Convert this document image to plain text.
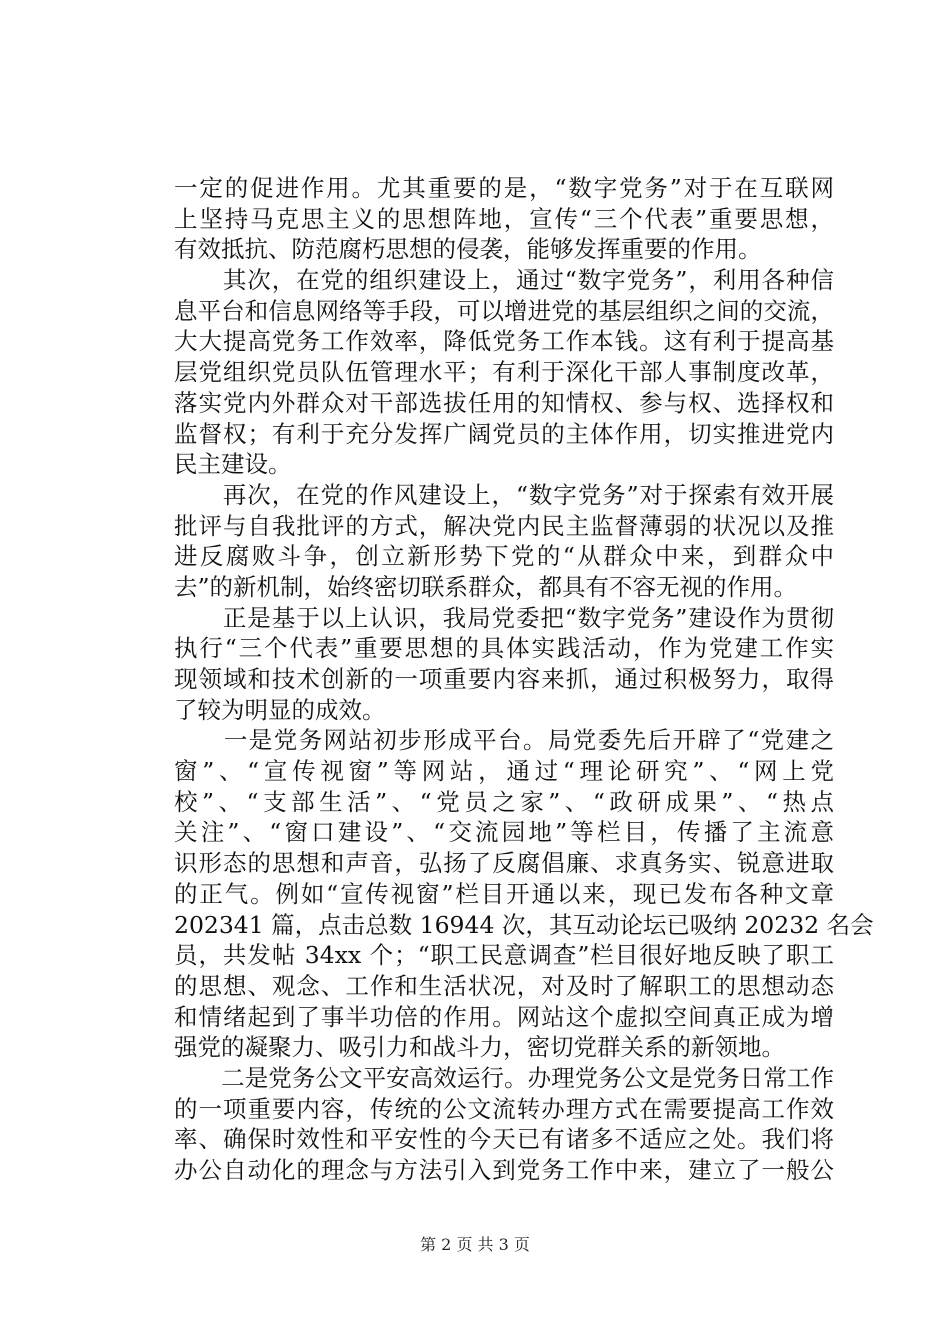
一定的促进作用。尤其重要的是，“数字党务”对于在互联网
上坚持马克思主义的思想阵地，宣传“三个代表”重要思想，
有效抵抗、防范腐朽思想的侵袭，能够发挥重要的作用。
　　其次，在党的组织建设上，通过“数字党务”，利用各种信
息平台和信息网络等手段，可以增进党的基层组织之间的交流，
大大提高党务工作效率，降低党务工作本钱。这有利于提高基
层党组织党员队伍管理水平；有利于深化干部人事制度改革，
落实党内外群众对干部选拔任用的知情权、参与权、选择权和
监督权；有利于充分发挥广阔党员的主体作用，切实推进党内
民主建设。
　　再次，在党的作风建设上，“数字党务”对于探索有效开展
批评与自我批评的方式，解决党内民主监督薄弱的状况以及推
进反腐败斗争，创立新形势下党的“从群众中来，到群众中
去”的新机制，始终密切联系群众，都具有不容无视的作用。
　　正是基于以上认识，我局党委把“数字党务”建设作为贯彻
执行“三个代表”重要思想的具体实践活动，作为党建工作实
现领域和技术创新的一项重要内容来抓，通过积极努力，取得
了较为明显的成效。
　　一是党务网站初步形成平台。局党委先后开辟了“党建之
窗”、“宣传视窗”等网站，通过“理论研究”、“网上党
校”、“支部生活”、“党员之家”、“政研成果”、“热点
关注”、“窗口建设”、“交流园地”等栏目，传播了主流意
识形态的思想和声音，弘扬了反腐倡廉、求真务实、锐意进取
的正气。例如“宣传视窗”栏目开通以来，现已发布各种文章
202341 篇，点击总数 16944 次，其互动论坛已吸纳 20232 名会
员，共发帖 34xx 个；“职工民意调查”栏目很好地反映了职工
的思想、观念、工作和生活状况，对及时了解职工的思想动态
和情绪起到了事半功倍的作用。网站这个虚拟空间真正成为增
强党的凝聚力、吸引力和战斗力，密切党群关系的新领地。
　　二是党务公文平安高效运行。办理党务公文是党务日常工作
的一项重要内容，传统的公文流转办理方式在需要提高工作效
率、确保时效性和平安性的今天已有诸多不适应之处。我们将
办公自动化的理念与方法引入到党务工作中来，建立了一般公
第 2 页 共 3 页
